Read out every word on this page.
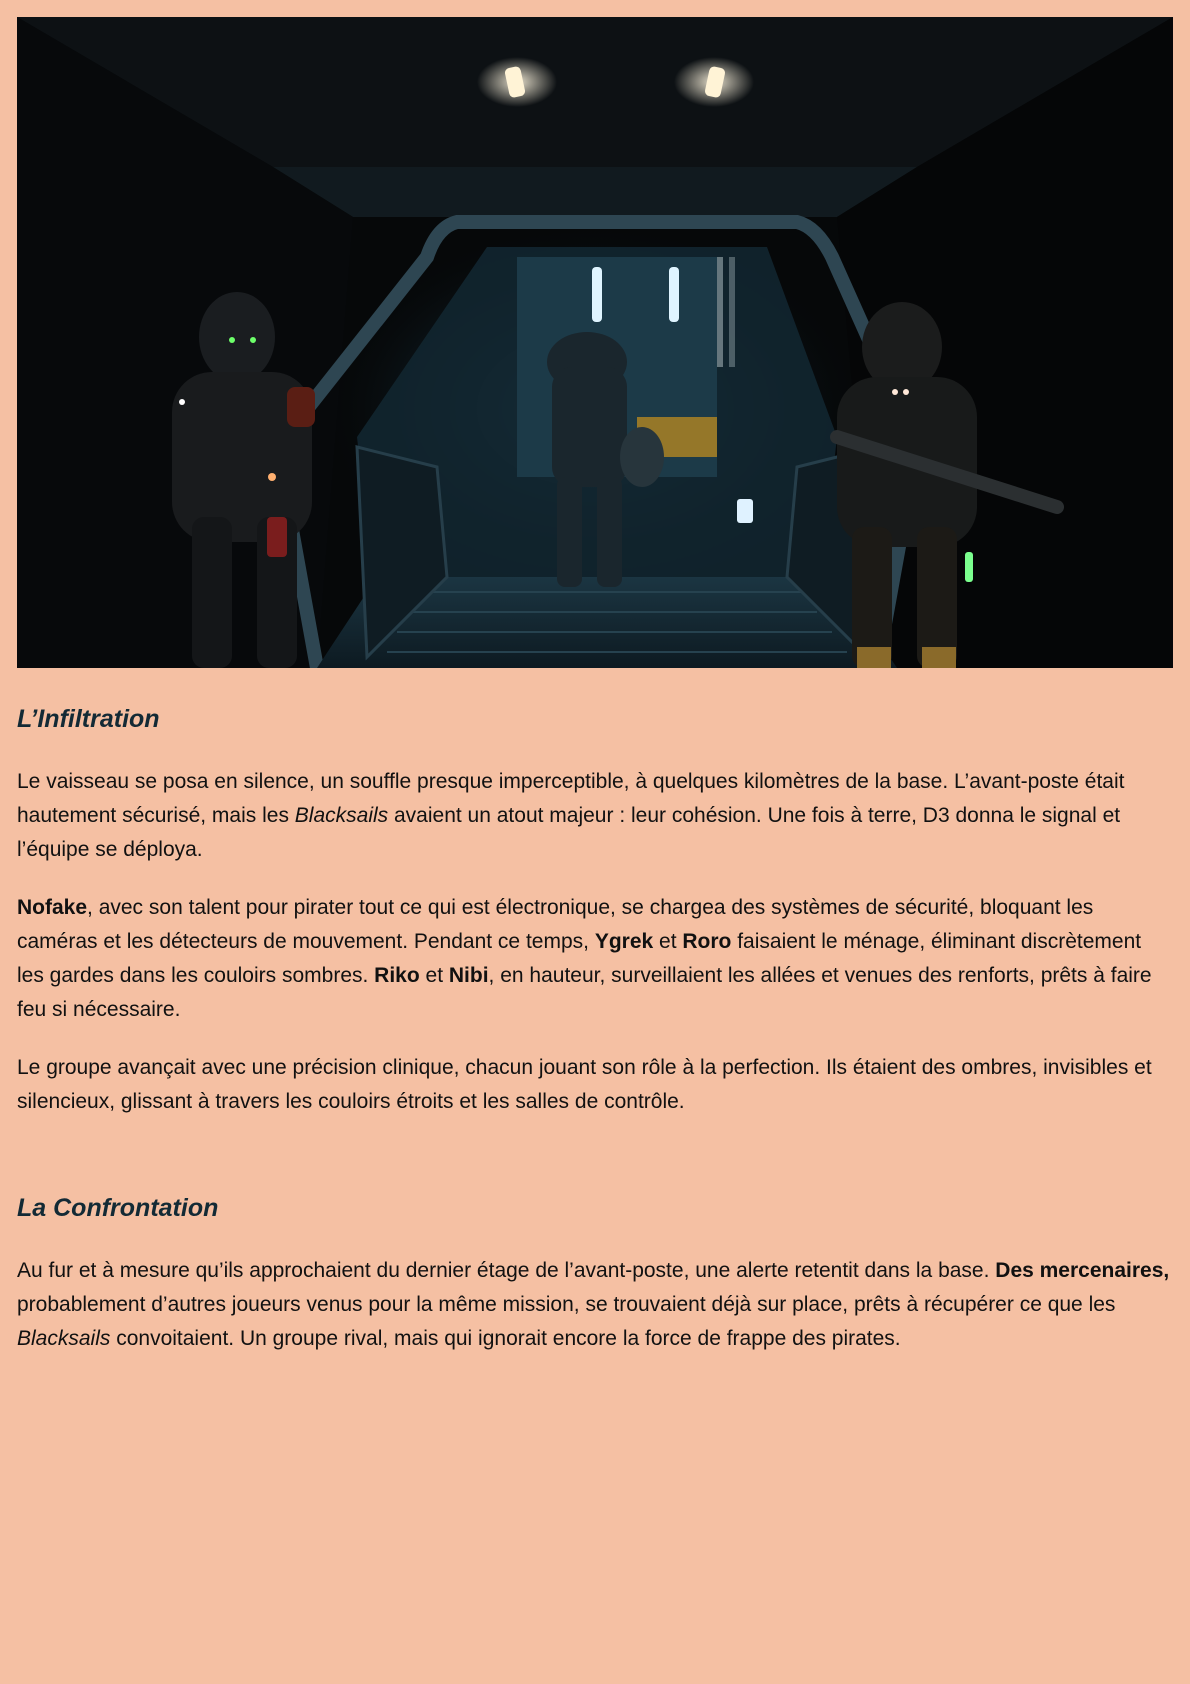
L’Infiltration

Le vaisseau se posa en silence, un souffle presque imperceptible, à quelques kilomètres de la base. L’avant-poste était hautement sécurisé, mais les Blacksails avaient un atout majeur : leur cohésion. Une fois à terre, D3 donna le signal et l’équipe se déploya.

Nofake, avec son talent pour pirater tout ce qui est électronique, se chargea des systèmes de sécurité, bloquant les caméras et les détecteurs de mouvement. Pendant ce temps, Ygrek et Roro faisaient le ménage, éliminant discrètement les gardes dans les couloirs sombres. Riko et Nibi, en hauteur, surveillaient les allées et venues des renforts, prêts à faire feu si nécessaire.

Le groupe avançait avec une précision clinique, chacun jouant son rôle à la perfection. Ils étaient des ombres, invisibles et silencieux, glissant à travers les couloirs étroits et les salles de contrôle.

La Confrontation

Au fur et à mesure qu’ils approchaient du dernier étage de l’avant-poste, une alerte retentit dans la base. Des mercenaires, probablement d’autres joueurs venus pour la même mission, se trouvaient déjà sur place, prêts à récupérer ce que les Blacksails convoitaient. Un groupe rival, mais qui ignorait encore la force de frappe des pirates.
